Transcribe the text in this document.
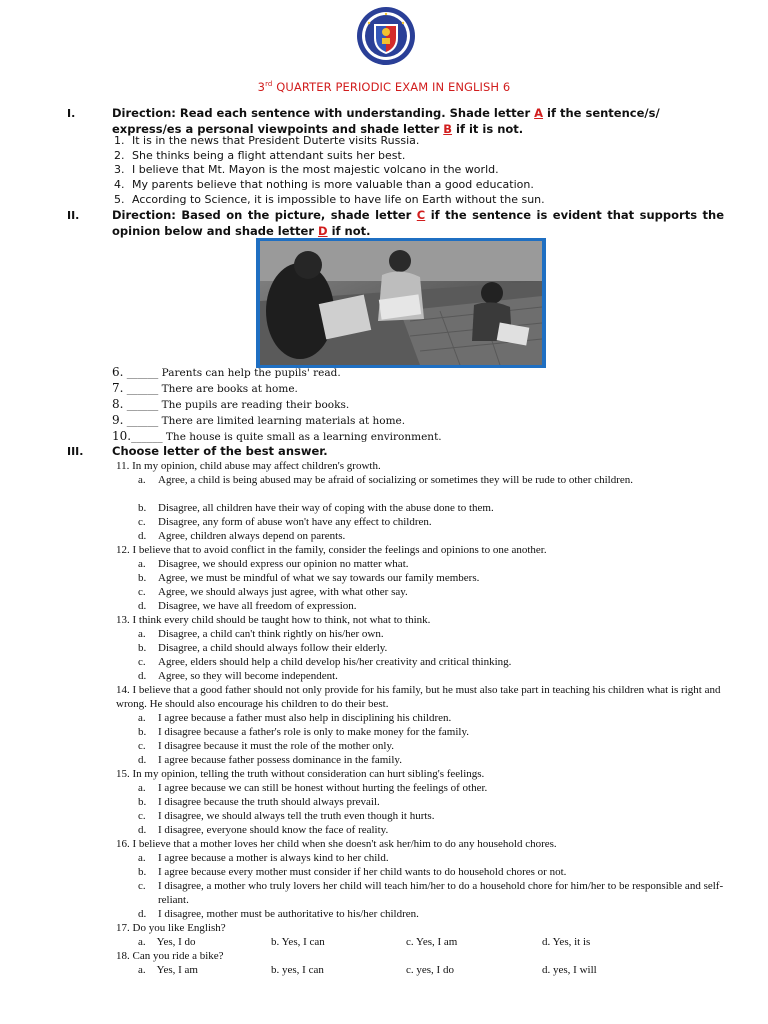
3rd QUARTER PERIODIC EXAM IN ENGLISH 6
I.	Direction: Read each sentence with understanding. Shade letter A if the sentence/s/ express/es a personal viewpoints and shade letter B if it is not.
1. It is in the news that President Duterte visits Russia.
2. She thinks being a flight attendant suits her best.
3. I believe that Mt. Mayon is the most majestic volcano in the world.
4. My parents believe that nothing is more valuable than a good education.
5. According to Science, it is impossible to have life on Earth without the sun.
II.	Direction: Based on the picture, shade letter C if the sentence is evident that supports the opinion below and shade letter D if not.
6. ______ Parents can help the pupils' read.
7. ______ There are books at home.
8. ______ The pupils are reading their books.
9. ______ There are limited learning materials at home.
10.______ The house is quite small as a learning environment.
III. Choose letter of the best answer.
11. In my opinion, child abuse may affect children's growth.
a.	Agree, a child is being abused may be afraid of socializing or sometimes they will be rude to other children.
b.	Disagree, all children have their way of coping with the abuse done to them.
c.	Disagree, any form of abuse won't have any effect to children.
d.	Agree, children always depend on parents.
12. I believe that to avoid conflict in the family, consider the feelings and opinions to one another.
a.	Disagree, we should express our opinion no matter what.
b.	Agree, we must be mindful of what we say towards our family members.
c.	Agree, we should always just agree, with what other say.
d.	Disagree, we have all freedom of expression.
13. I think every child should be taught how to think, not what to think.
a.	Disagree, a child can't think rightly on his/her own.
b.	Disagree, a child should always follow their elderly.
c.	Agree, elders should help a child develop his/her creativity and critical thinking.
d.	Agree, so they will become independent.
14. I believe that a good father should not only provide for his family, but he must also take part in teaching his children what is right and wrong. He should also encourage his children to do their best.
a.	I agree because a father must also help in disciplining his children.
b.	I disagree because a father's role is only to make money for the family.
c.	I disagree because it must the role of the mother only.
d.	I agree because father possess dominance in the family.
15. In my opinion, telling the truth without consideration can hurt sibling's feelings.
a.	I agree because we can still be honest without hurting the feelings of other.
b.	I disagree because the truth should always prevail.
c.	I disagree, we should always tell the truth even though it hurts.
d.	I disagree, everyone should know the face of reality.
16. I believe that a mother loves her child when she doesn't ask her/him to do any household chores.
a.	I agree because a mother is always kind to her child.
b.	I agree because every mother must consider if her child wants to do household chores or not.
c.	I disagree, a mother who truly lovers her child will teach him/her to do a household chore for him/her to be responsible and self-reliant.
d.	I disagree, mother must be authoritative to his/her children.
17. Do you like English?
a.    Yes, I do	b. Yes, I can	c. Yes, I am	d. Yes, it is
18. Can you ride a bike?
a.    Yes, I am	b. yes, I can	c. yes, I do	d. yes, I will
